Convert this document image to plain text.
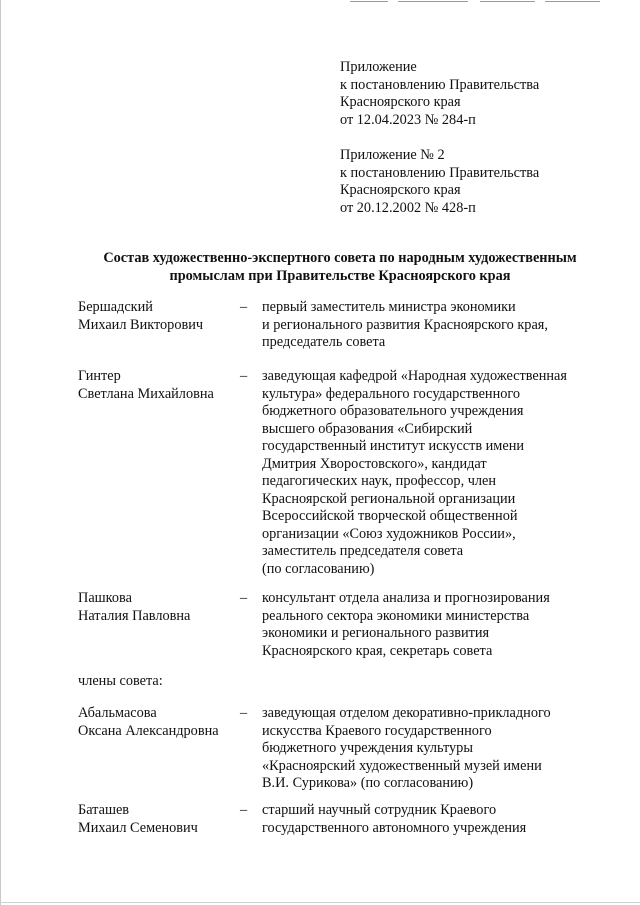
Приложение
к постановлению Правительства
Красноярского края
от 12.04.2023 № 284-п
Приложение № 2
к постановлению Правительства
Красноярского края
от 20.12.2002 № 428-п
Состав художественно-экспертного совета по народным художественным
промыслам при Правительстве Красноярского края
Бершадский
Михаил Викторович
– первый заместитель министра экономики
и регионального развития Красноярского края,
председатель совета
Гинтер
Светлана Михайловна
– заведующая кафедрой «Народная художественная
культура» федерального государственного
бюджетного образовательного учреждения
высшего образования «Сибирский
государственный институт искусств имени
Дмитрия Хворостовского», кандидат
педагогических наук, профессор, член
Красноярской региональной организации
Всероссийской творческой общественной
организации «Союз художников России»,
заместитель председателя совета
(по согласованию)
Пашкова
Наталия Павловна
– консультант отдела анализа и прогнозирования
реального сектора экономики министерства
экономики и регионального развития
Красноярского края, секретарь совета
члены совета:
Абальмасова
Оксана Александровна
– заведующая отделом декоративно-прикладного
искусства Краевого государственного
бюджетного учреждения культуры
«Красноярский художественный музей имени
В.И. Сурикова» (по согласованию)
Баташев
Михаил Семенович
– старший научный сотрудник Краевого
государственного автономного учреждения
